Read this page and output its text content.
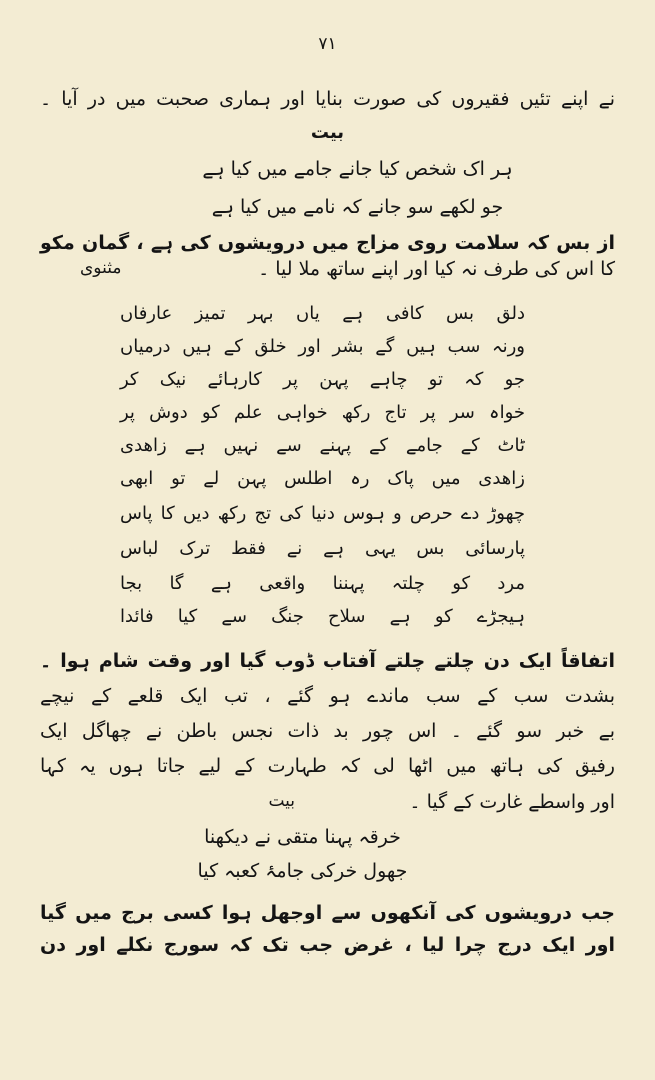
٧١
نے اپنے تئیں فقیروں کی صورت بنایا اور ہماری صحبت میں در آیا ۔
بیت
ہر اک شخص کیا جانے جامے میں کیا ہے
جو لکھے سو جانے کہ نامے میں کیا ہے
از بس کہ سلامت روی مزاج میں درویشوں کی ہے ، گمان مکو
کا اس کی طرف نہ کیا اور اپنے ساتھ ملا لیا ۔
مثنوی
دلق بس کافی ہے یاں بہر تمیز عارفاں
ورنہ سب ہیں گے بشر اور خلق کے ہیں درمیاں
جو کہ تو چاہے پہن پر کارہائے نیک کر
خواہ سر پر تاج رکھ خواہی علم کو دوش پر
ٹاٹ کے جامے کے پہنے سے نہیں ہے زاھدی
زاھدی میں پاک رہ اطلس پہن لے تو ابھی
چھوڑ دے حرص و ہوس دنیا کی تج رکھ دیں کا پاس
پارسائی بس یہی ہے نے فقط ترک لباس
مرد کو چلتہ پہننا واقعی ہے گا بجا
ہیجڑے کو ہے سلاح جنگ سے کیا فائدا
اتفاقاً ایک دن چلتے چلتے آفتاب ڈوب گیا اور وقت شام ہوا ۔
بشدت سب کے سب ماندے ہو گئے ، تب ایک قلعے کے نیچے
بے خبر سو گئے ۔ اس چور بد ذات نجس باطن نے چھاگل ایک
رفیق کی ہاتھ میں اٹھا لی کہ طہارت کے لیے جاتا ہوں یہ کہا
اور واسطے غارت کے گیا ۔
بیت
خرقہ پہنا متقی نے دیکھنا
جھول خرکی جامۂ کعبہ کیا
جب درویشوں کی آنکھوں سے اوجھل ہوا کسی برج میں گیا
اور ایک درج چرا لیا ، غرض جب تک کہ سورج نکلے اور دن
